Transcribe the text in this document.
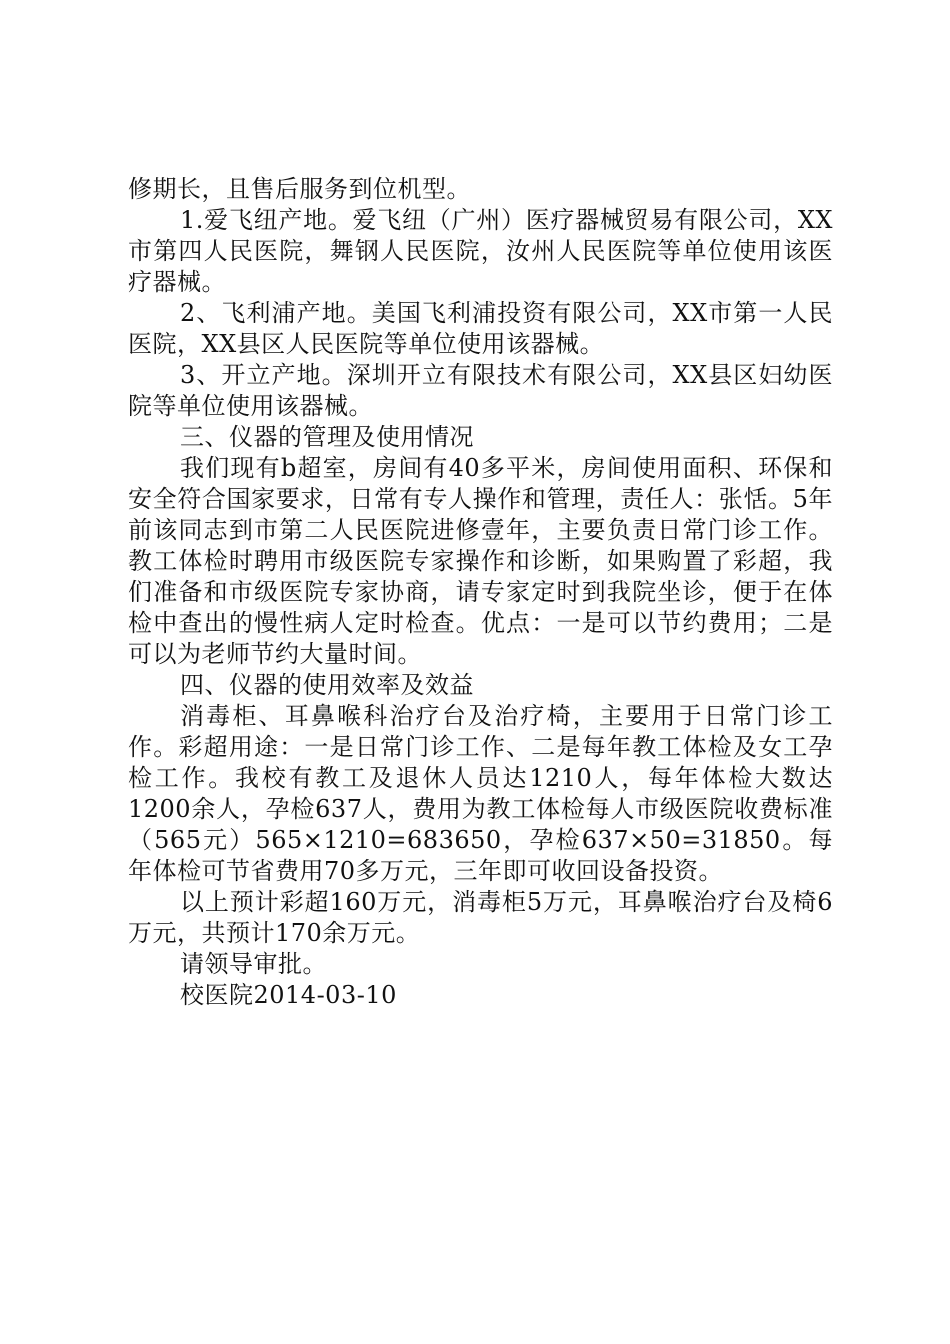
修期长，且售后服务到位机型。

1.爱飞纽产地。爱飞纽（广州）医疗器械贸易有限公司，XX市第四人民医院，舞钢人民医院，汝州人民医院等单位使用该医疗器械。

2、飞利浦产地。美国飞利浦投资有限公司，XX市第一人民医院，XX县区人民医院等单位使用该器械。

3、开立产地。深圳开立有限技术有限公司，XX县区妇幼医院等单位使用该器械。

三、仪器的管理及使用情况

我们现有b超室，房间有40多平米，房间使用面积、环保和安全符合国家要求，日常有专人操作和管理，责任人：张恬。5年前该同志到市第二人民医院进修壹年，主要负责日常门诊工作。教工体检时聘用市级医院专家操作和诊断，如果购置了彩超，我们准备和市级医院专家协商，请专家定时到我院坐诊，便于在体检中查出的慢性病人定时检查。优点：一是可以节约费用；二是可以为老师节约大量时间。

四、仪器的使用效率及效益

消毒柜、耳鼻喉科治疗台及治疗椅，主要用于日常门诊工作。彩超用途：一是日常门诊工作、二是每年教工体检及女工孕检工作。我校有教工及退休人员达1210人，每年体检大数达1200余人，孕检637人，费用为教工体检每人市级医院收费标准（565元）565×1210=683650，孕检637×50=31850。每年体检可节省费用70多万元，三年即可收回设备投资。

以上预计彩超160万元，消毒柜5万元，耳鼻喉治疗台及椅6万元，共预计170余万元。

请领导审批。

校医院2014-03-10
